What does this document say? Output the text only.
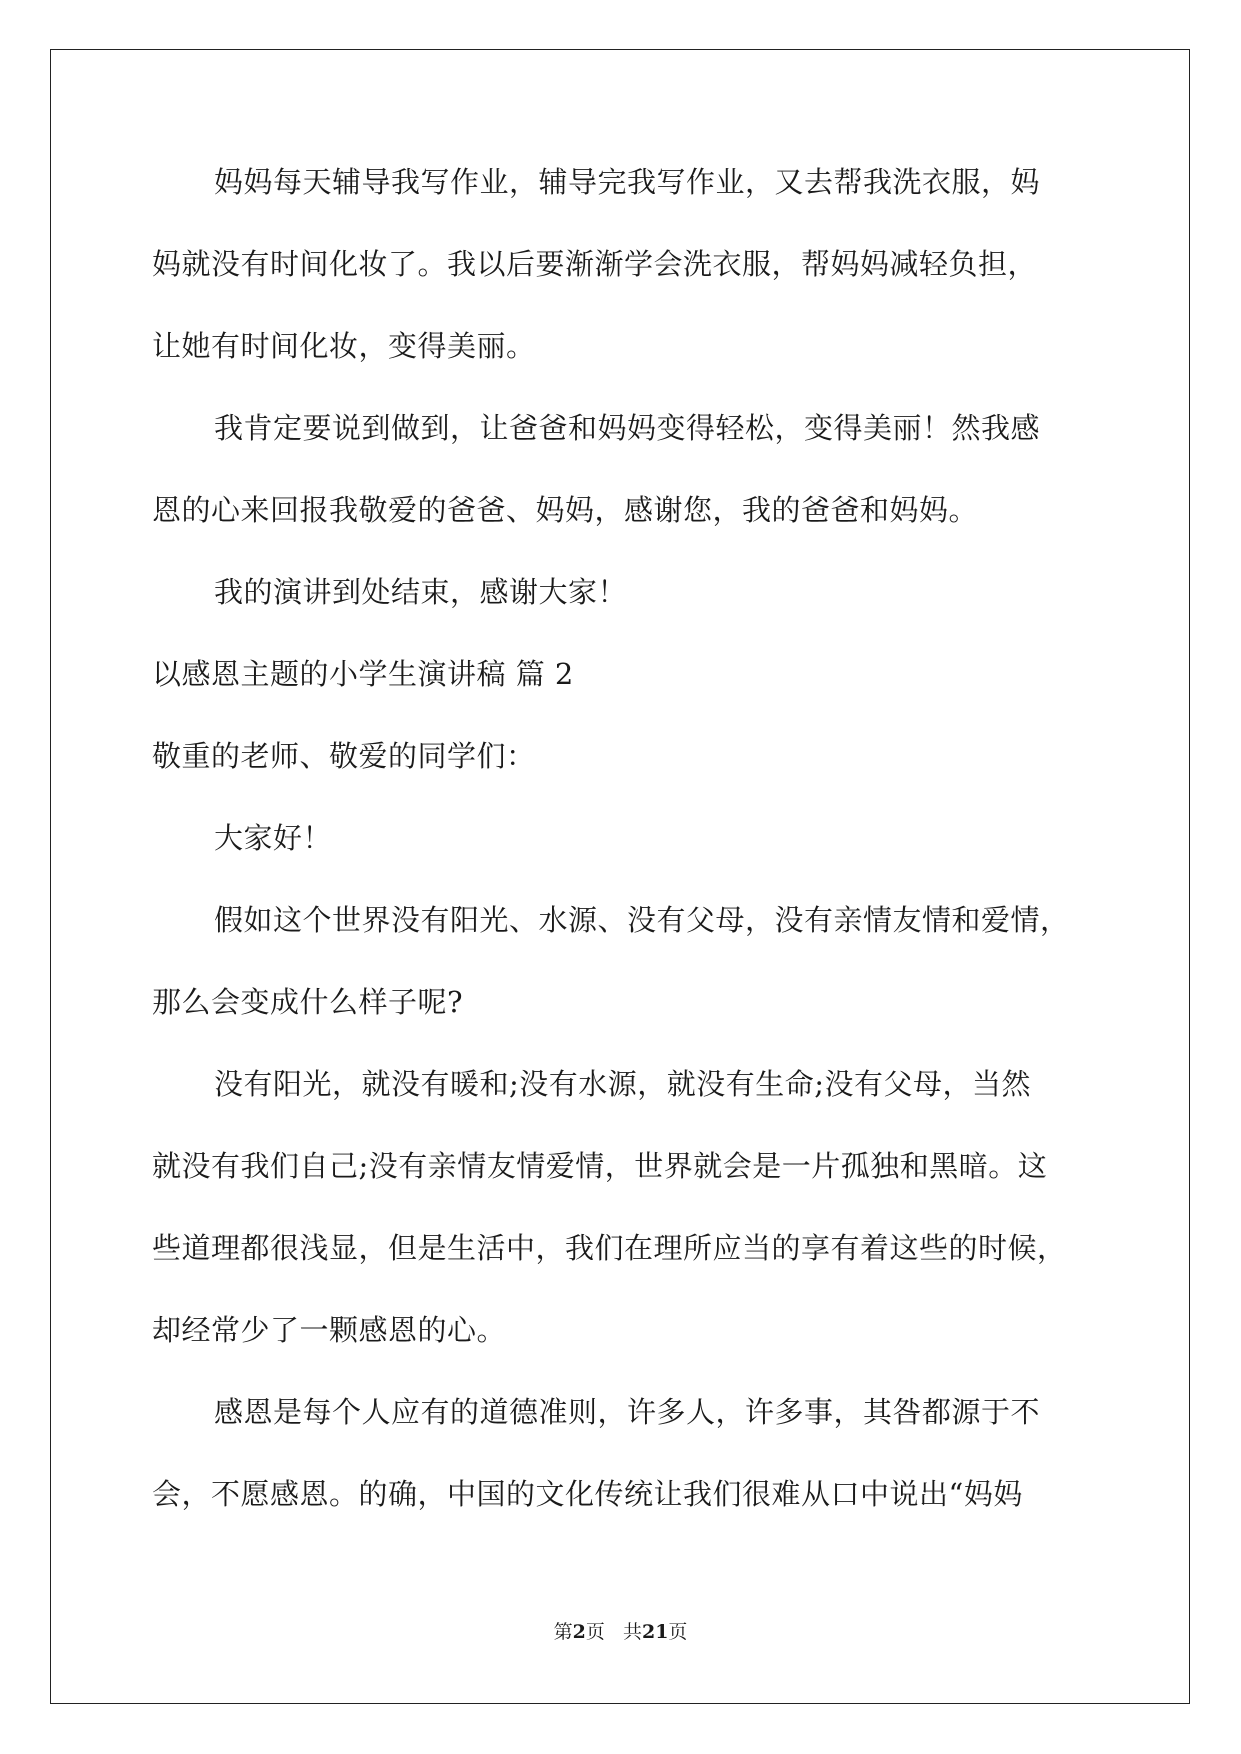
妈妈每天辅导我写作业，辅导完我写作业，又去帮我洗衣服，妈
妈就没有时间化妆了。我以后要渐渐学会洗衣服，帮妈妈减轻负担，
让她有时间化妆，变得美丽。
我肯定要说到做到，让爸爸和妈妈变得轻松，变得美丽！然我感
恩的心来回报我敬爱的爸爸、妈妈，感谢您，我的爸爸和妈妈。
我的演讲到处结束，感谢大家！
以感恩主题的小学生演讲稿 篇 2
敬重的老师、敬爱的同学们：
大家好！
假如这个世界没有阳光、水源、没有父母，没有亲情友情和爱情，
那么会变成什么样子呢?
没有阳光，就没有暖和;没有水源，就没有生命;没有父母，当然
就没有我们自己;没有亲情友情爱情，世界就会是一片孤独和黑暗。这
些道理都很浅显，但是生活中，我们在理所应当的享有着这些的时候，
却经常少了一颗感恩的心。
感恩是每个人应有的道德准则，许多人，许多事，其咎都源于不
会，不愿感恩。的确，中国的文化传统让我们很难从口中说出“妈妈
第2页 共21页
